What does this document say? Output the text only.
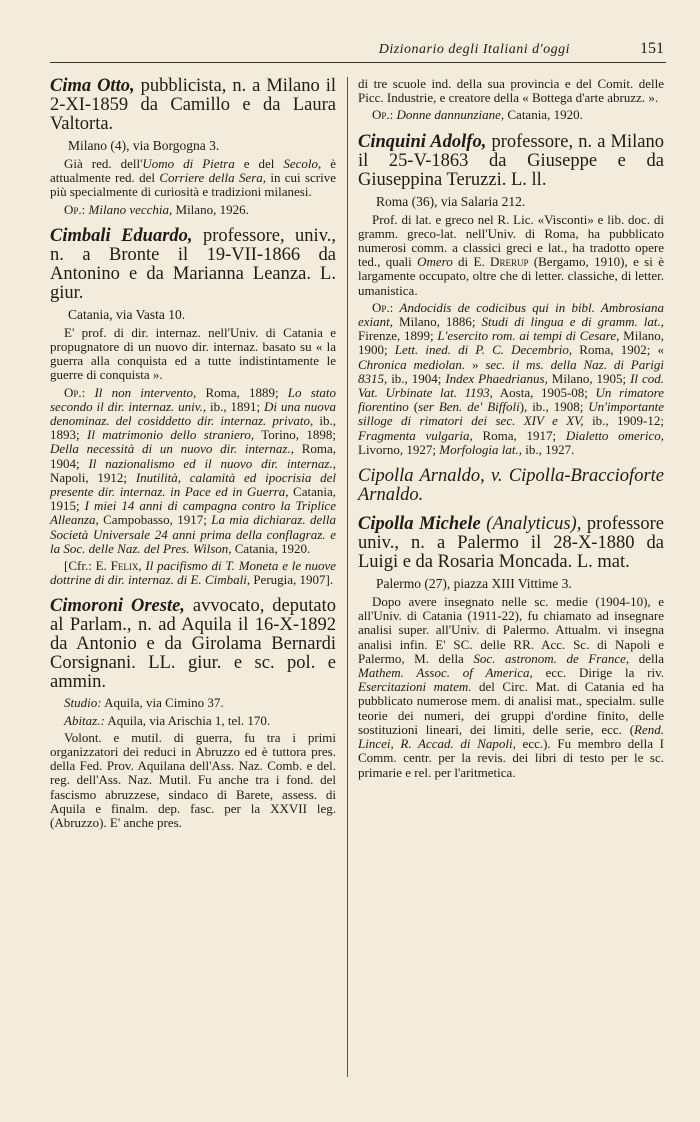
Dizionario degli Italiani d'oggi	151

Cima Otto, pubblicista, n. a Milano il 2-XI-1859 da Camillo e da Laura Valtorta.

Milano (4), via Borgogna 3.

Già red. dell'Uomo di Pietra e del Secolo, è attualmente red. del Corriere della Sera, in cui scrive più specialmente di curiosità e tradizioni milanesi.

Op.: Milano vecchia, Milano, 1926.

Cimbali Eduardo, professore, univ., n. a Bronte il 19-VII-1866 da Antonino e da Marianna Leanza. L. giur.

Catania, via Vasta 10.

E' prof. di dir. internaz. nell'Univ. di Catania e propugnatore di un nuovo dir. internaz. basato su « la guerra alla conquista ed a tutte indistintamente le guerre di conquista ».

Op.: Il non intervento, Roma, 1889; Lo stato secondo il dir. internaz. univ., ib., 1891; Di una nuova denominaz. del cosiddetto dir. internaz. privato, ib., 1893; Il matrimonio dello straniero, Torino, 1898; Della necessità di un nuovo dir. internaz., Roma, 1904; Il nazionalismo ed il nuovo dir. internaz., Napoli, 1912; Inutilità, calamità ed ipocrisia del presente dir. internaz. in Pace ed in Guerra, Catania, 1915; I miei 14 anni di campagna contro la Triplice Alleanza, Campobasso, 1917; La mia dichiaraz. della Società Universale 24 anni prima della conflagraz. e la Soc. delle Naz. del Pres. Wilson, Catania, 1920.

[Cfr.: E. Felix, Il pacifismo di T. Moneta e le nuove dottrine di dir. internaz. di E. Cimbali, Perugia, 1907].

Cimoroni Oreste, avvocato, deputato al Parlam., n. ad Aquila il 16-X-1892 da Antonio e da Girolama Bernardi Corsignani. LL. giur. e sc. pol. e ammin.

Studio: Aquila, via Cimino 37.

Abitaz.: Aquila, via Arischia 1, tel. 170.

Volont. e mutil. di guerra, fu tra i primi organizzatori dei reduci in Abruzzo ed è tuttora pres. della Fed. Prov. Aquilana dell'Ass. Naz. Comb. e del. reg. dell'Ass. Naz. Mutil. Fu anche tra i fond. del fascismo abruzzese, sindaco di Barete, assess. di Aquila e finalm. dep. fasc. per la XXVII leg. (Abruzzo). E' anche pres.

di tre scuole ind. della sua provincia e del Comit. delle Picc. Industrie, e creatore della « Bottega d'arte abruzz. ».

Op.: Donne dannunziane, Catania, 1920.

Cinquini Adolfo, professore, n. a Milano il 25-V-1863 da Giuseppe e da Giuseppina Teruzzi. L. ll.

Roma (36), via Salaria 212.

Prof. di lat. e greco nel R. Lic. «Visconti» e lib. doc. di gramm. greco-lat. nell'Univ. di Roma, ha pubblicato numerosi comm. a classici greci e lat., ha tradotto opere ted., quali Omero di E. Drerup (Bergamo, 1910), e si è largamente occupato, oltre che di letter. classiche, di letter. umanistica.

Op.: Andocidis de codicibus qui in bibl. Ambrosiana exiant, Milano, 1886; Studi di lingua e di gramm. lat., Firenze, 1899; L'esercito rom. ai tempi di Cesare, Milano, 1900; Lett. ined. di P. C. Decembrio, Roma, 1902; « Chronica mediolan. » sec. il ms. della Naz. di Parigi 8315, ib., 1904; Index Phaedrianus, Milano, 1905; Il cod. Vat. Urbinate lat. 1193, Aosta, 1905-08; Un rimatore fiorentino (ser Ben. de' Biffoli), ib., 1908; Un'importante silloge di rimatori dei sec. XIV e XV, ib., 1909-12; Fragmenta vulgaria, Roma, 1917; Dialetto omerico, Livorno, 1927; Morfologia lat., ib., 1927.

Cipolla Arnaldo, v. Cipolla-Braccioforte Arnaldo.

Cipolla Michele (Analyticus), professore univ., n. a Palermo il 28-X-1880 da Luigi e da Rosaria Moncada. L. mat.

Palermo (27), piazza XIII Vittime 3.

Dopo avere insegnato nelle sc. medie (1904-10), e all'Univ. di Catania (1911-22), fu chiamato ad insegnare analisi super. all'Univ. di Palermo. Attualm. vi insegna analisi infin. E' SC. delle RR. Acc. Sc. di Napoli e Palermo, M. della Soc. astronom. de France, della Mathem. Assoc. of America, ecc. Dirige la riv. Esercitazioni matem. del Circ. Mat. di Catania ed ha pubblicato numerose mem. di analisi mat., specialm. sulle teorie dei numeri, dei gruppi d'ordine finito, delle sostituzioni lineari, dei limiti, delle serie, ecc. (Rend. Lincei, R. Accad. di Napoli, ecc.). Fu membro della I Comm. centr. per la revis. dei libri di testo per le sc. primarie e rel. per l'aritmetica.
